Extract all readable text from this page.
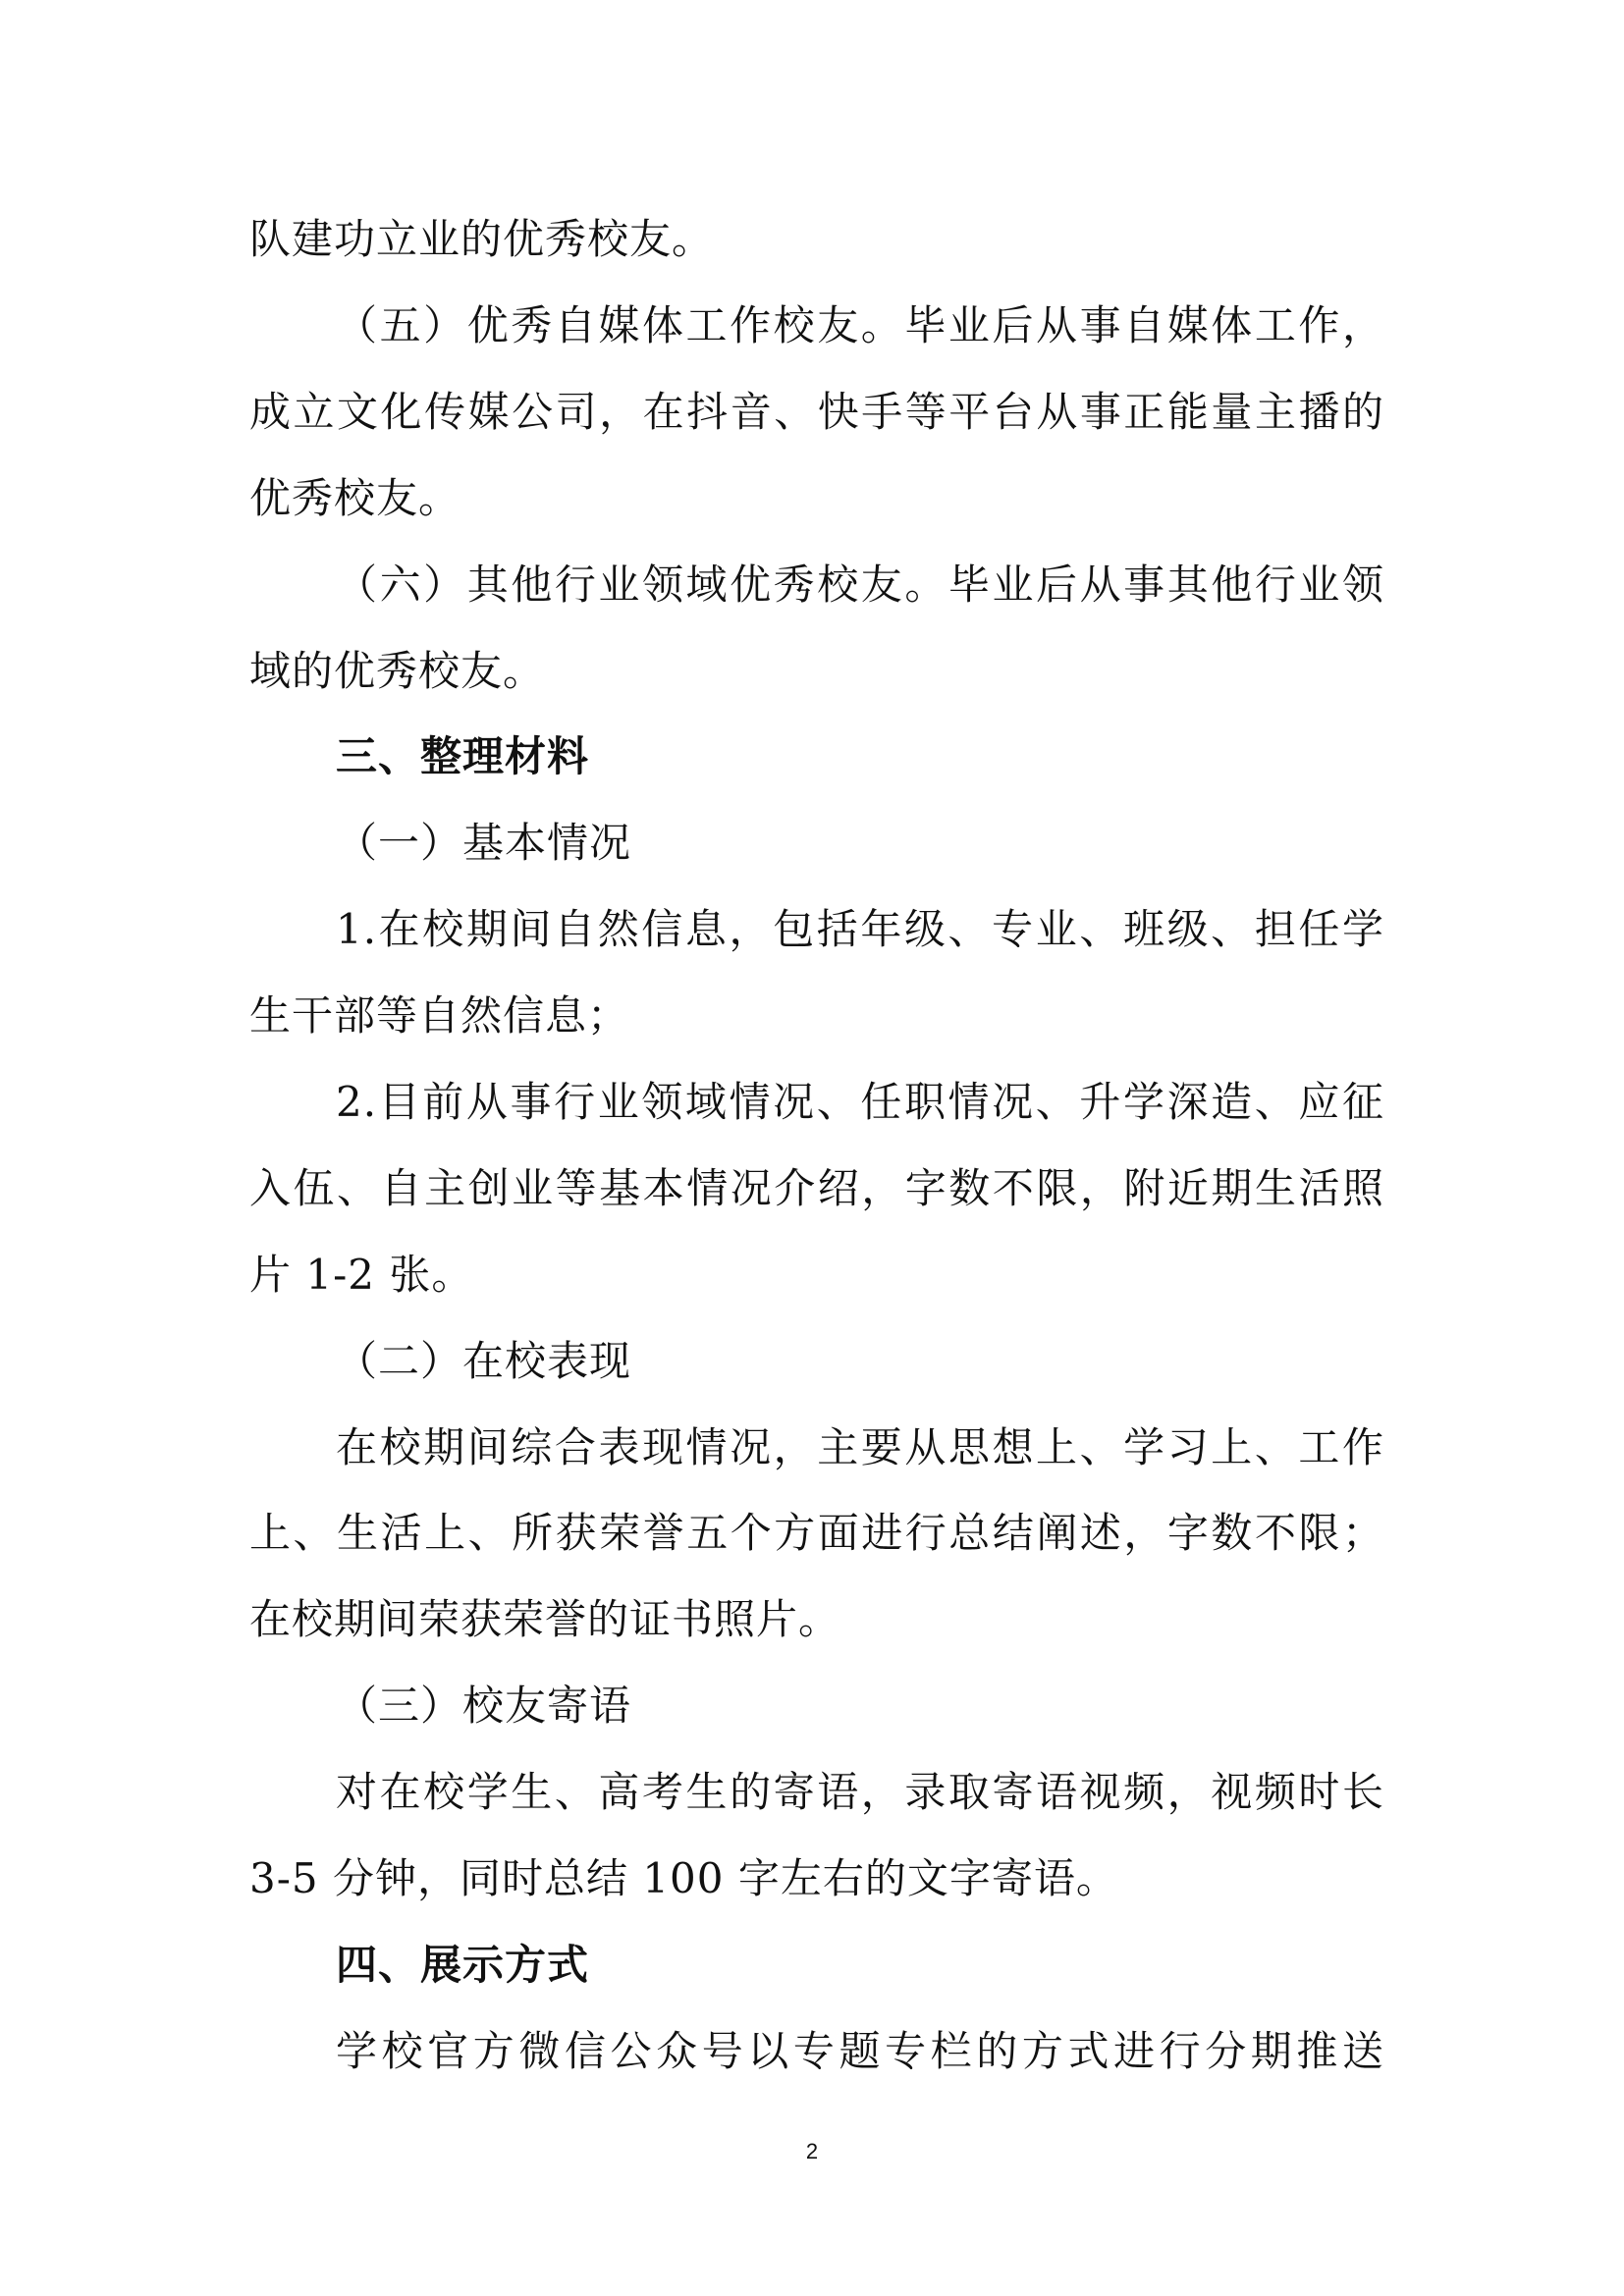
队建功立业的优秀校友。
（五）优秀自媒体工作校友。毕业后从事自媒体工作，
成立文化传媒公司，在抖音、快手等平台从事正能量主播的
优秀校友。
（六）其他行业领域优秀校友。毕业后从事其他行业领
域的优秀校友。
三、整理材料
（一）基本情况
1.在校期间自然信息，包括年级、专业、班级、担任学
生干部等自然信息；
2.目前从事行业领域情况、任职情况、升学深造、应征
入伍、自主创业等基本情况介绍，字数不限，附近期生活照
片 1-2 张。
（二）在校表现
在校期间综合表现情况，主要从思想上、学习上、工作
上、生活上、所获荣誉五个方面进行总结阐述，字数不限；
在校期间荣获荣誉的证书照片。
（三）校友寄语
对在校学生、高考生的寄语，录取寄语视频，视频时长
3-5 分钟，同时总结 100 字左右的文字寄语。
四、展示方式
学校官方微信公众号以专题专栏的方式进行分期推送
2
